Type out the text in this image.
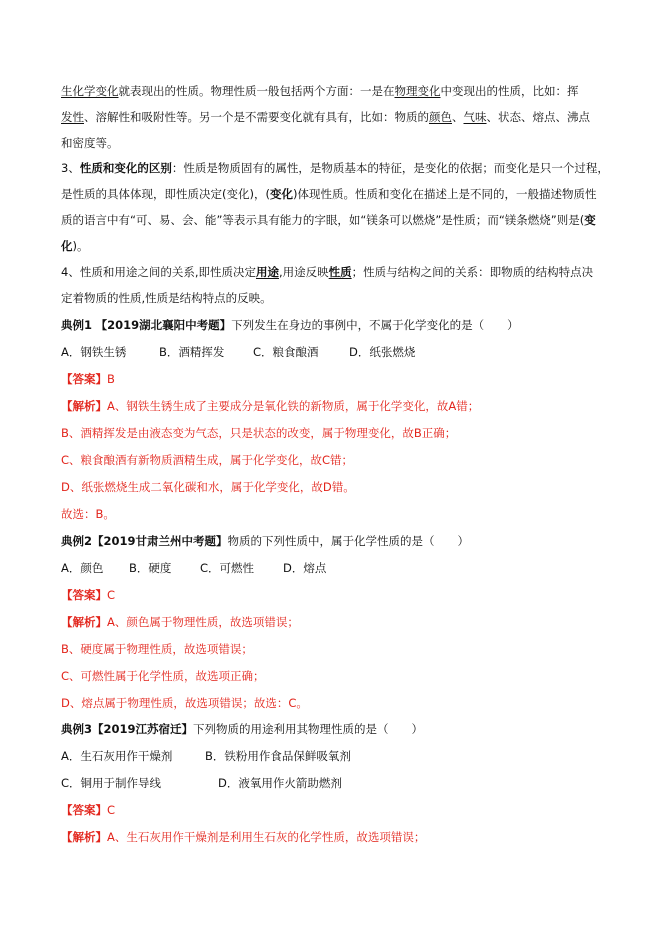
生化学变化就表现出的性质。物理性质一般包括两个方面：一是在物理变化中变现出的性质，比如：挥
发性、溶解性和吸附性等。另一个是不需要变化就有具有，比如：物质的颜色、气味、状态、熔点、沸点
和密度等。
3、性质和变化的区别：性质是物质固有的属性，是物质基本的特征，是变化的依据；而变化是只一个过程，
是性质的具体体现，即性质决定(变化)，(变化)体现性质。性质和变化在描述上是不同的，一般描述物质性
质的语言中有“可、易、会、能”等表示具有能力的字眼，如“镁条可以燃烧”是性质；而“镁条燃烧”则是(变
化)。
4、性质和用途之间的关系,即性质决定用途,用途反映性质；性质与结构之间的关系：即物质的结构特点决
定着物质的性质,性质是结构特点的反映。
典例1 【2019湖北襄阳中考题】下列发生在身边的事例中，不属于化学变化的是（　　）
A．钢铁生锈	B．酒精挥发 C．粮食酿酒	D．纸张燃烧
【答案】B
【解析】A、钢铁生锈生成了主要成分是氧化铁的新物质，属于化学变化，故A错；
B、酒精挥发是由液态变为气态，只是状态的改变，属于物理变化，故B正确；
C、粮食酿酒有新物质酒精生成，属于化学变化，故C错；
D、纸张燃烧生成二氧化碳和水，属于化学变化，故D错。
故选：B。
典例2【2019甘肃兰州中考题】物质的下列性质中，属于化学性质的是（　　）
A．颜色 B．硬度 C．可燃性	D．熔点
【答案】C
【解析】A、颜色属于物理性质，故选项错误；
B、硬度属于物理性质，故选项错误；
C、可燃性属于化学性质，故选项正确；
D、熔点属于物理性质，故选项错误；故选：C。
典例3【2019江苏宿迁】下列物质的用途利用其物理性质的是（　　）
A．生石灰用作干燥剂	B．铁粉用作食品保鲜吸氧剂
C．铜用于制作导线	D．液氧用作火箭助燃剂
【答案】C
【解析】A、生石灰用作干燥剂是利用生石灰的化学性质，故选项错误；
